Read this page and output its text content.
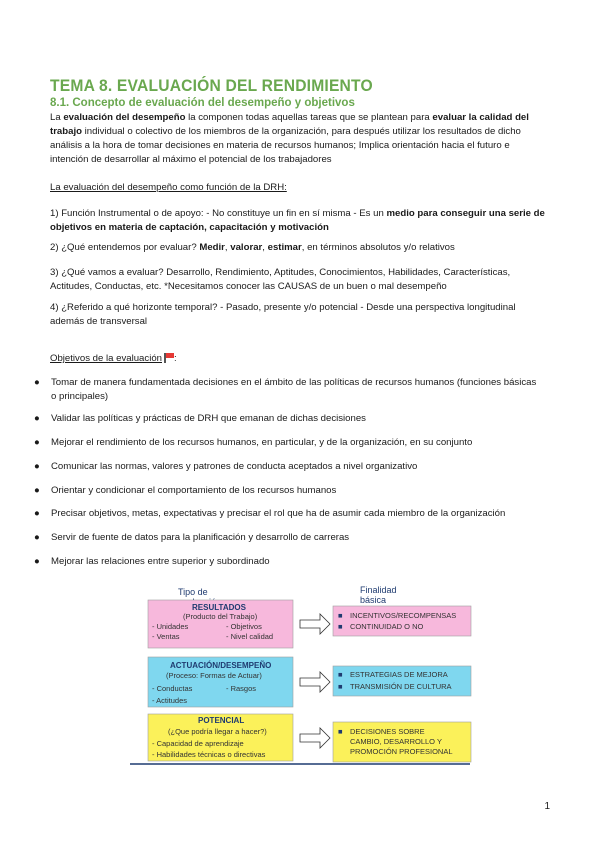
TEMA 8. EVALUACIÓN DEL RENDIMIENTO
8.1. Concepto de evaluación del desempeño y objetivos

La evaluación del desempeño la componen todas aquellas tareas que se plantean para evaluar la calidad del trabajo individual o colectivo de los miembros de la organización, para después utilizar los resultados de dicho análisis a la hora de tomar decisiones en materia de recursos humanos; Implica orientación hacia el futuro e intención de desarrollar al máximo el potencial de los trabajadores

La evaluación del desempeño como función de la DRH:

1) Función Instrumental o de apoyo: - No constituye un fin en sí misma - Es un medio para conseguir una serie de objetivos en materia de captación, capacitación y motivación

2) ¿Qué entendemos por evaluar? Medir, valorar, estimar, en términos absolutos y/o relativos

3) ¿Qué vamos a evaluar? Desarrollo, Rendimiento, Aptitudes, Conocimientos, Habilidades, Características, Actitudes, Conductas, etc. *Necesitamos conocer las CAUSAS de un buen o mal desempeño

4) ¿Referido a qué horizonte temporal? - Pasado, presente y/o potencial - Desde una perspectiva longitudinal además de transversal

Objetivos de la evaluación :

● Tomar de manera fundamentada decisiones en el ámbito de las políticas de recursos humanos (funciones básicas o principales)
● Validar las políticas y prácticas de DRH que emanan de dichas decisiones
● Mejorar el rendimiento de los recursos humanos, en particular, y de la organización, en su conjunto
● Comunicar las normas, valores y patrones de conducta aceptados a nivel organizativo
● Orientar y condicionar el comportamiento de los recursos humanos
● Precisar objetivos, metas, expectativas y precisar el rol que ha de asumir cada miembro de la organización
● Servir de fuente de datos para la planificación y desarrollo de carreras
● Mejorar las relaciones entre superior y subordinado
Tipo de	Finalidad básica
RESULTADOS
(Producto del Trabajo)
- Unidades
- Ventas
- Objetivos
- Nivel calidad
■ INCENTIVOS/RECOMPENSAS
■ CONTINUIDAD O NO
ACTUACIÓN/DESEMPEÑO
(Proceso: Formas de Actuar)
- Conductas
- Actitudes
- Rasgos
■ ESTRATEGIAS DE MEJORA
■ TRANSMISIÓN DE CULTURA
POTENCIAL
(¿Que podría llegar a hacer?)
- Capacidad de aprendizaje
- Habilidades técnicas o directivas
■ DECISIONES SOBRE
CAMBIO, DESARROLLO Y
PROMOCIÓN PROFESIONAL
1
